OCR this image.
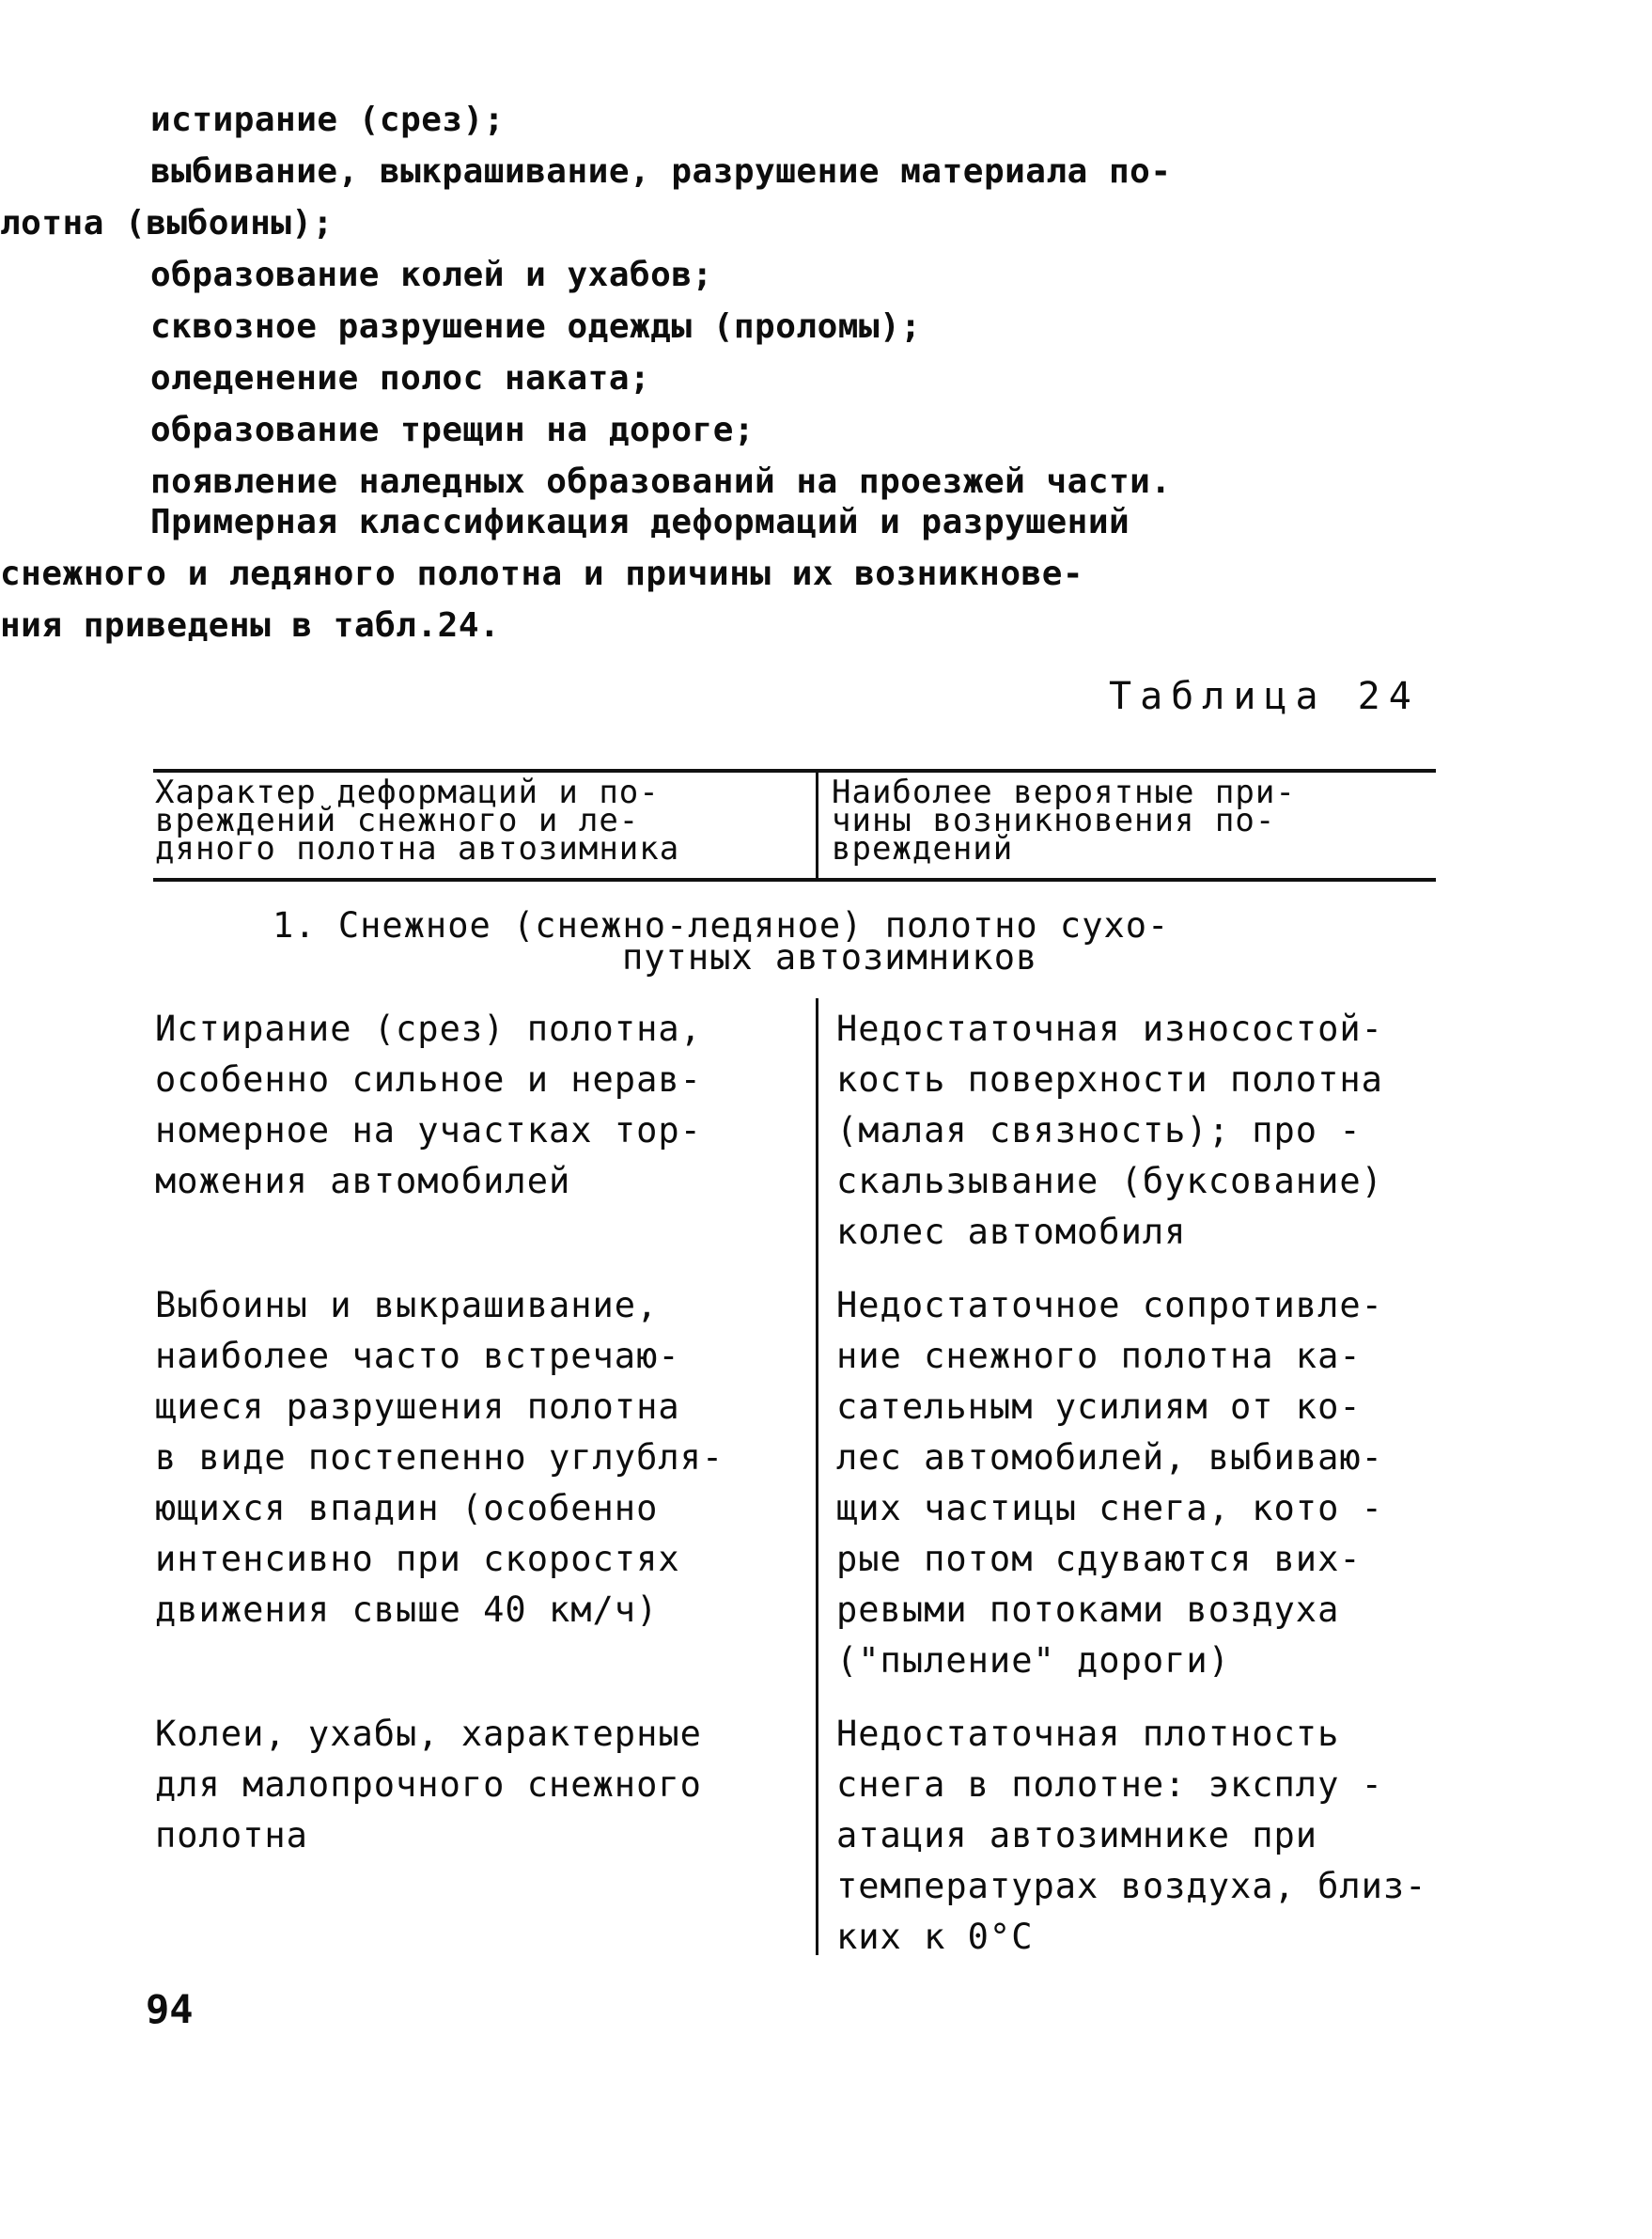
истирание (срез);
выбивание, выкрашивание, разрушение материала по-
лотна (выбоины);
образование колей и ухабов;
сквозное разрушение одежды (проломы);
оледенение полос наката;
образование трещин на дороге;
появление наледных образований на проезжей части.
Примерная классификация деформаций и разрушений
снежного и ледяного полотна и причины их возникнове-
ния приведены в табл.24.
Таблица 24
Характер деформаций и по-
вреждений снежного и ле-
дяного полотна автозимника
Наиболее вероятные при-
чины возникновения по-
вреждений
1. Снежное (снежно-ледяное) полотно сухо-
путных автозимников
Истирание (срез) полотна,
особенно сильное и нерав-
номерное на участках тор-
можения автомобилей
Недостаточная износостой-
кость поверхности полотна
(малая связность); про -
скальзывание (буксование)
колес автомобиля
Выбоины и выкрашивание,
наиболее часто встречаю-
щиеся разрушения полотна
в виде постепенно углубля-
ющихся впадин (особенно
интенсивно при скоростях
движения свыше 40 км/ч)
Недостаточное сопротивле-
ние снежного полотна ка-
сательным усилиям от ко-
лес автомобилей, выбиваю-
щих частицы снега, кото -
рые потом сдуваются вих-
ревыми потоками воздуха
("пыление" дороги)
Колеи, ухабы, характерные
для малопрочного снежного
полотна
Недостаточная плотность
снега в полотне: эксплу -
атация автозимнике при
температурах воздуха, близ-
ких к 0°С
94
